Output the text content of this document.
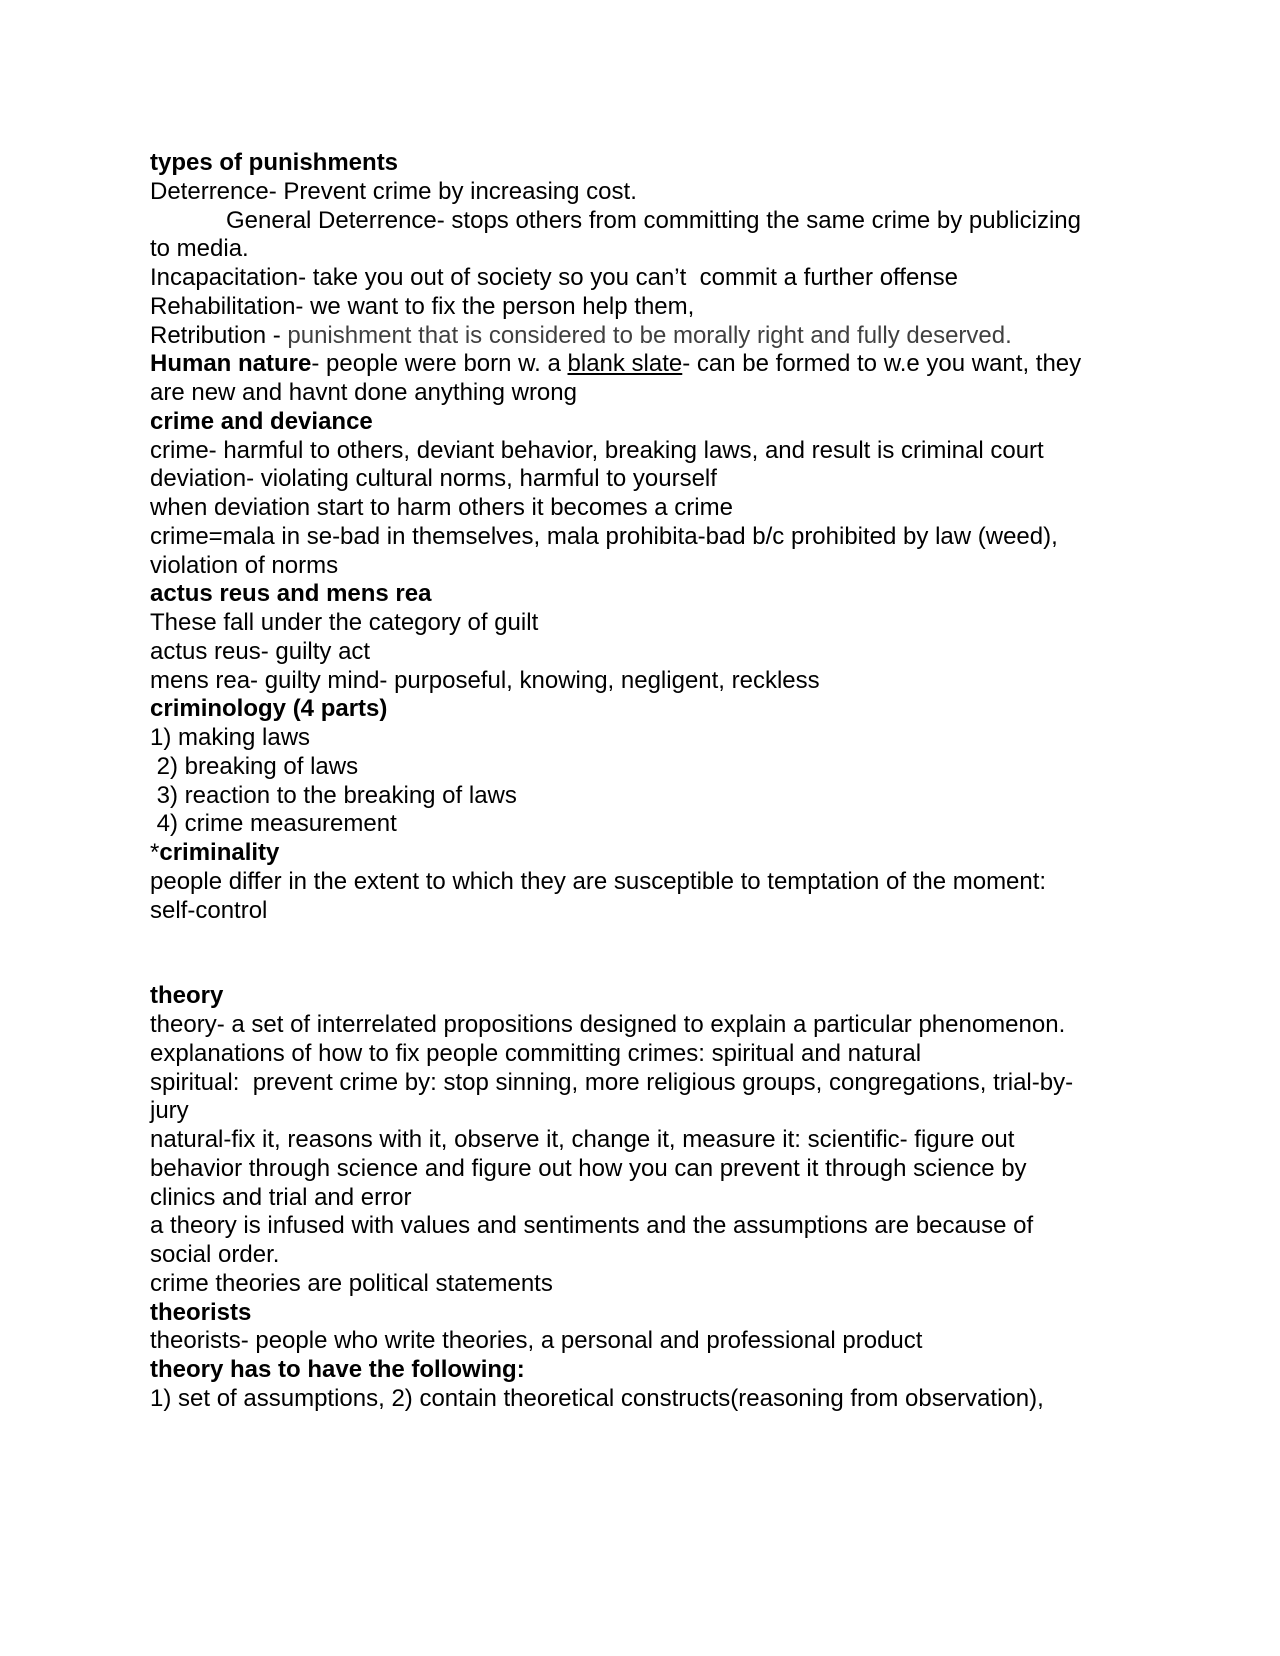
types of punishments

Deterrence- Prevent crime by increasing cost.

General Deterrence- stops others from committing the same crime by publicizing

to media.

Incapacitation- take you out of society so you can’t  commit a further offense

Rehabilitation- we want to fix the person help them,

Retribution - punishment that is considered to be morally right and fully deserved.

Human nature- people were born w. a blank slate- can be formed to w.e you want, they

are new and havnt done anything wrong

crime and deviance

crime- harmful to others, deviant behavior, breaking laws, and result is criminal court

deviation- violating cultural norms, harmful to yourself

when deviation start to harm others it becomes a crime

crime=mala in se-bad in themselves, mala prohibita-bad b/c prohibited by law (weed),

violation of norms

actus reus and mens rea

These fall under the category of guilt

actus reus- guilty act

mens rea- guilty mind- purposeful, knowing, negligent, reckless

criminology (4 parts)

1) making laws

2) breaking of laws

3) reaction to the breaking of laws

4) crime measurement

*criminality

people differ in the extent to which they are susceptible to temptation of the moment:

self-control

theory

theory- a set of interrelated propositions designed to explain a particular phenomenon.

explanations of how to fix people committing crimes: spiritual and natural

spiritual:  prevent crime by: stop sinning, more religious groups, congregations, trial-by-

jury

natural-fix it, reasons with it, observe it, change it, measure it: scientific- figure out

behavior through science and figure out how you can prevent it through science by

clinics and trial and error

a theory is infused with values and sentiments and the assumptions are because of

social order.

crime theories are political statements

theorists

theorists- people who write theories, a personal and professional product

theory has to have the following:

1) set of assumptions, 2) contain theoretical constructs(reasoning from observation),
